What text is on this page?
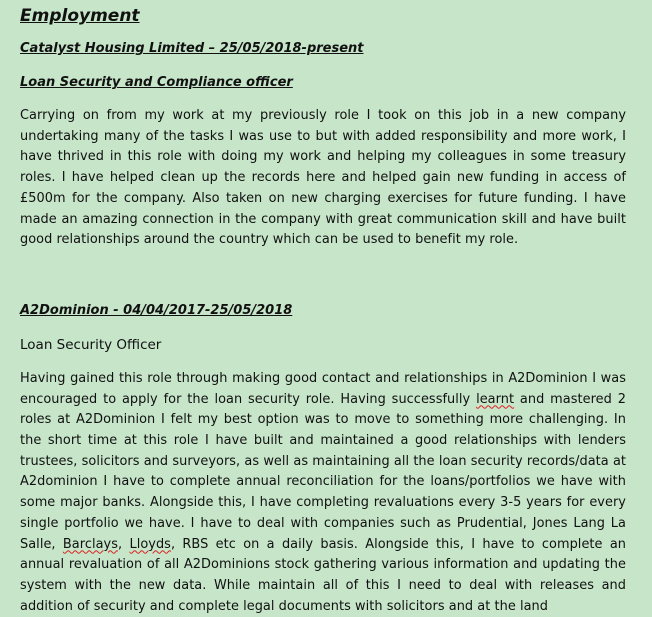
Employment
Catalyst Housing Limited – 25/05/2018-present
Loan Security and Compliance officer

Carrying on from my work at my previously role I took on this job in a new company undertaking many of the tasks I was use to but with added responsibility and more work, I have thrived in this role with doing my work and helping my colleagues in some treasury roles. I have helped clean up the records here and helped gain new funding in access of £500m for the company. Also taken on new charging exercises for future funding. I have made an amazing connection in the company with great communication skill and have built good relationships around the country which can be used to benefit my role.

A2Dominion - 04/04/2017-25/05/2018
Loan Security Officer

Having gained this role through making good contact and relationships in A2Dominion I was encouraged to apply for the loan security role. Having successfully learnt and mastered 2 roles at A2Dominion I felt my best option was to move to something more challenging. In the short time at this role I have built and maintained a good relationships with lenders trustees, solicitors and surveyors, as well as maintaining all the loan security records/data at A2dominion I have to complete annual reconciliation for the loans/portfolios we have with some major banks. Alongside this, I have completing revaluations every 3-5 years for every single portfolio we have. I have to deal with companies such as Prudential, Jones Lang La Salle, Barclays, Lloyds, RBS etc on a daily basis. Alongside this, I have to complete an annual revaluation of all A2Dominions stock gathering various information and updating the system with the new data. While maintain all of this I need to deal with releases and addition of security and complete legal documents with solicitors and at the land
